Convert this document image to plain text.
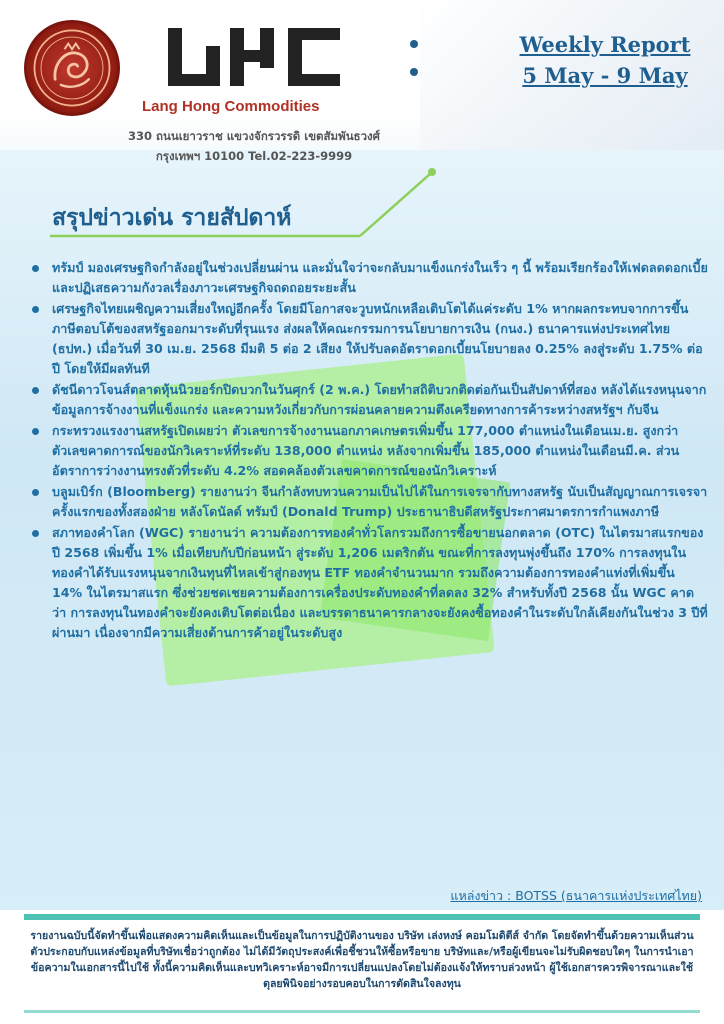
Lang Hong Commodities
330 ถนนเยาวราช แขวงจักรวรรดิ เขตสัมพันธวงศ์
กรุงเทพฯ 10100 Tel.02-223-9999
Weekly Report
5 May - 9 May
สรุปข่าวเด่น รายสัปดาห์
ทรัมป์ มองเศรษฐกิจกำลังอยู่ในช่วงเปลี่ยนผ่าน และมั่นใจว่าจะกลับมาแข็งแกร่งในเร็ว ๆ นี้ พร้อมเรียกร้องให้เฟดลดดอกเบี้ย และปฏิเสธความกังวลเรื่องภาวะเศรษฐกิจถดถอยระยะสั้น
เศรษฐกิจไทยเผชิญความเสี่ยงใหญ่อีกครั้ง โดยมีโอกาสจะวูบหนักเหลือเติบโตได้แค่ระดับ 1% หากผลกระทบจากการขึ้นภาษีตอบโต้ของสหรัฐออกมาระดับที่รุนแรง ส่งผลให้คณะกรรมการนโยบายการเงิน (กนง.) ธนาคารแห่งประเทศไทย (ธปท.) เมื่อวันที่ 30 เม.ย. 2568 มีมติ 5 ต่อ 2 เสียง ให้ปรับลดอัตราดอกเบี้ยนโยบายลง 0.25% ลงสู่ระดับ 1.75% ต่อปี โดยให้มีผลทันที
ดัชนีดาวโจนส์ตลาดหุ้นนิวยอร์กปิดบวกในวันศุกร์ (2 พ.ค.) โดยทำสถิติบวกติดต่อกันเป็นสัปดาห์ที่สอง หลังได้แรงหนุนจากข้อมูลการจ้างงานที่แข็งแกร่ง และความหวังเกี่ยวกับการผ่อนคลายความตึงเครียดทางการค้าระหว่างสหรัฐฯ กับจีน
กระทรวงแรงงานสหรัฐเปิดเผยว่า ตัวเลขการจ้างงานนอกภาคเกษตรเพิ่มขึ้น 177,000 ตำแหน่งในเดือนเม.ย. สูงกว่าตัวเลขคาดการณ์ของนักวิเคราะห์ที่ระดับ 138,000 ตำแหน่ง หลังจากเพิ่มขึ้น 185,000 ตำแหน่งในเดือนมี.ค. ส่วนอัตราการว่างงานทรงตัวที่ระดับ 4.2% สอดคล้องตัวเลขคาดการณ์ของนักวิเคราะห์
บลูมเบิร์ก (Bloomberg) รายงานว่า จีนกำลังทบทวนความเป็นไปได้ในการเจรจากับทางสหรัฐ นับเป็นสัญญาณการเจรจาครั้งแรกของทั้งสองฝ่าย หลังโดนัลด์ ทรัมป์ (Donald Trump) ประธานาธิบดีสหรัฐประกาศมาตรการกำแพงภาษี
สภาทองคำโลก (WGC) รายงานว่า ความต้องการทองคำทั่วโลกรวมถึงการซื้อขายนอกตลาด (OTC) ในไตรมาสแรกของปี 2568 เพิ่มขึ้น 1% เมื่อเทียบกับปีก่อนหน้า สู่ระดับ 1,206 เมตริกตัน ขณะที่การลงทุนพุ่งขึ้นถึง 170% การลงทุนในทองคำได้รับแรงหนุนจากเงินทุนที่ไหลเข้าสู่กองทุน ETF ทองคำจำนวนมาก รวมถึงความต้องการทองคำแท่งที่เพิ่มขึ้น 14% ในไตรมาสแรก ซึ่งช่วยชดเชยความต้องการเครื่องประดับทองคำที่ลดลง 32% สำหรับทั้งปี 2568 นั้น WGC คาดว่า การลงทุนในทองคำจะยังคงเติบโตต่อเนื่อง และบรรดาธนาคารกลางจะยังคงซื้อทองคำในระดับใกล้เคียงกันในช่วง 3 ปีที่ผ่านมา เนื่องจากมีความเสี่ยงด้านการค้าอยู่ในระดับสูง
แหล่งข่าว : BOTSS (ธนาคารแห่งประเทศไทย)
รายงานฉบับนี้จัดทำขึ้นเพื่อแสดงความคิดเห็นและเป็นข้อมูลในการปฏิบัติงานของ บริษัท เล่งหงษ์ คอมโมดิตีส์ จำกัด โดยจัดทำขึ้นด้วยความเห็นส่วนตัวประกอบกับแหล่งข้อมูลที่บริษัทเชื่อว่าถูกต้อง ไม่ได้มีวัตถุประสงค์เพื่อชี้ชวนให้ซื้อหรือขาย บริษัทและ/หรือผู้เขียนจะไม่รับผิดชอบใดๆ ในการนำเอาข้อความในเอกสารนี้ไปใช้ ทั้งนี้ความคิดเห็นและบทวิเคราะห์อาจมีการเปลี่ยนแปลงโดยไม่ต้องแจ้งให้ทราบล่วงหน้า ผู้ใช้เอกสารควรพิจารณาและใช้ดุลยพินิจอย่างรอบคอบในการตัดสินใจลงทุน
